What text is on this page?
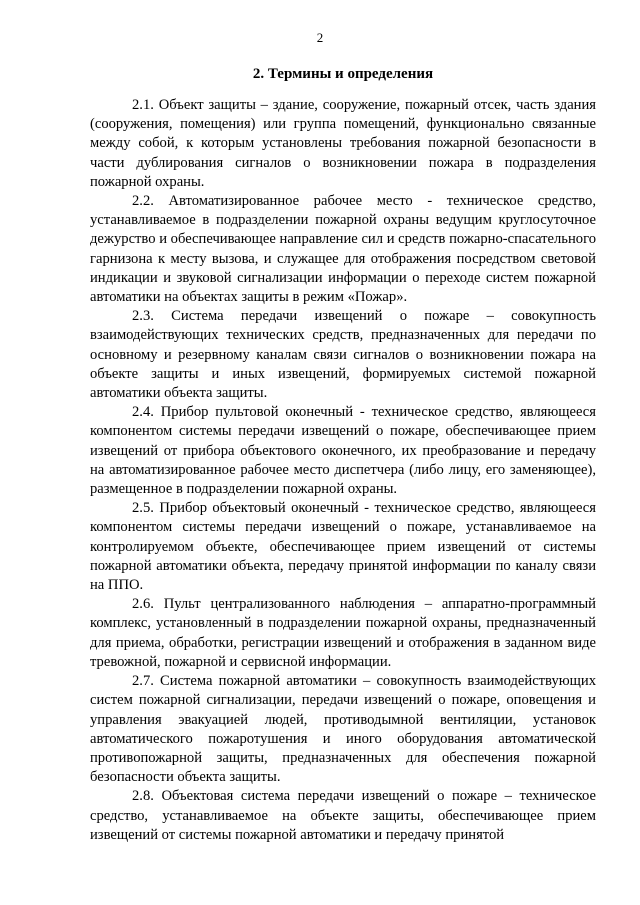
2
2. Термины и определения

2.1. Объект защиты – здание, сооружение, пожарный отсек, часть здания (сооружения, помещения) или группа помещений, функционально связанные между собой, к которым установлены требования пожарной безопасности в части дублирования сигналов о возникновении пожара в подразделения пожарной охраны.

2.2. Автоматизированное рабочее место - техническое средство, устанавливаемое в подразделении пожарной охраны ведущим круглосуточное дежурство и обеспечивающее направление сил и средств пожарно-спасательного гарнизона к месту вызова, и служащее для отображения посредством световой индикации и звуковой сигнализации информации о переходе систем пожарной автоматики на объектах защиты в режим «Пожар».

2.3. Система передачи извещений о пожаре – совокупность взаимодействующих технических средств, предназначенных для передачи по основному и резервному каналам связи сигналов о возникновении пожара на объекте защиты и иных извещений, формируемых системой пожарной автоматики объекта защиты.

2.4. Прибор пультовой оконечный - техническое средство, являющееся компонентом системы передачи извещений о пожаре, обеспечивающее прием извещений от прибора объектового оконечного, их преобразование и передачу на автоматизированное рабочее место диспетчера (либо лицу, его заменяющее), размещенное в подразделении пожарной охраны.

2.5. Прибор объектовый оконечный - техническое средство, являющееся компонентом системы передачи извещений о пожаре, устанавливаемое на контролируемом объекте, обеспечивающее прием извещений от системы пожарной автоматики объекта, передачу принятой информации по каналу связи на ППО.

2.6. Пульт централизованного наблюдения – аппаратно-программный комплекс, установленный в подразделении пожарной охраны, предназначенный для приема, обработки, регистрации извещений и отображения в заданном виде тревожной, пожарной и сервисной информации.

2.7. Система пожарной автоматики – совокупность взаимодействующих систем пожарной сигнализации, передачи извещений о пожаре, оповещения и управления эвакуацией людей, противодымной вентиляции, установок автоматического пожаротушения и иного оборудования автоматической противопожарной защиты, предназначенных для обеспечения пожарной безопасности объекта защиты.

2.8. Объектовая система передачи извещений о пожаре – техническое средство, устанавливаемое на объекте защиты, обеспечивающее прием извещений от системы пожарной автоматики и передачу принятой
